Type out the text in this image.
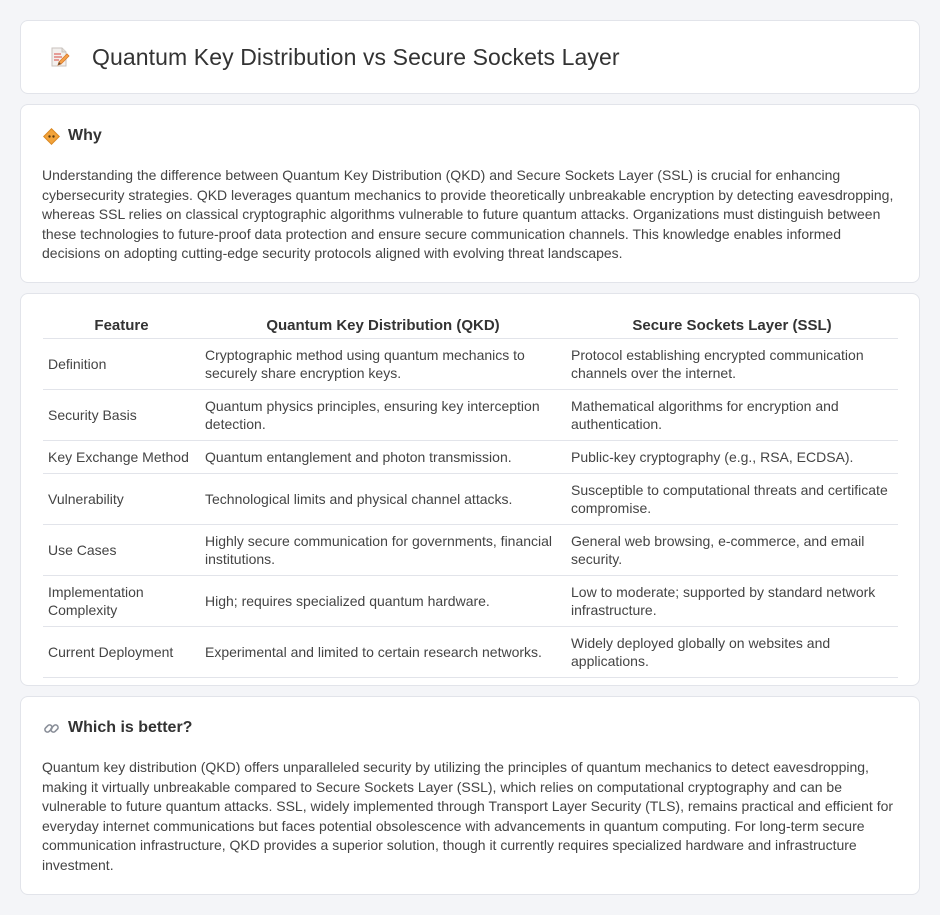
Quantum Key Distribution vs Secure Sockets Layer
Why

Understanding the difference between Quantum Key Distribution (QKD) and Secure Sockets Layer (SSL) is crucial for enhancing cybersecurity strategies. QKD leverages quantum mechanics to provide theoretically unbreakable encryption by detecting eavesdropping, whereas SSL relies on classical cryptographic algorithms vulnerable to future quantum attacks. Organizations must distinguish between these technologies to future-proof data protection and ensure secure communication channels. This knowledge enables informed decisions on adopting cutting-edge security protocols aligned with evolving threat landscapes.

Feature	Quantum Key Distribution (QKD)	Secure Sockets Layer (SSL)
Definition	Cryptographic method using quantum mechanics to securely share encryption keys.	Protocol establishing encrypted communication channels over the internet.
Security Basis	Quantum physics principles, ensuring key interception detection.	Mathematical algorithms for encryption and authentication.
Key Exchange Method	Quantum entanglement and photon transmission.	Public-key cryptography (e.g., RSA, ECDSA).
Vulnerability	Technological limits and physical channel attacks.	Susceptible to computational threats and certificate compromise.
Use Cases	Highly secure communication for governments, financial institutions.	General web browsing, e-commerce, and email security.
Implementation Complexity	High; requires specialized quantum hardware.	Low to moderate; supported by standard network infrastructure.
Current Deployment	Experimental and limited to certain research networks.	Widely deployed globally on websites and applications.
Which is better?

Quantum key distribution (QKD) offers unparalleled security by utilizing the principles of quantum mechanics to detect eavesdropping, making it virtually unbreakable compared to Secure Sockets Layer (SSL), which relies on computational cryptography and can be vulnerable to future quantum attacks. SSL, widely implemented through Transport Layer Security (TLS), remains practical and efficient for everyday internet communications but faces potential obsolescence with advancements in quantum computing. For long-term secure communication infrastructure, QKD provides a superior solution, though it currently requires specialized hardware and infrastructure investment.
